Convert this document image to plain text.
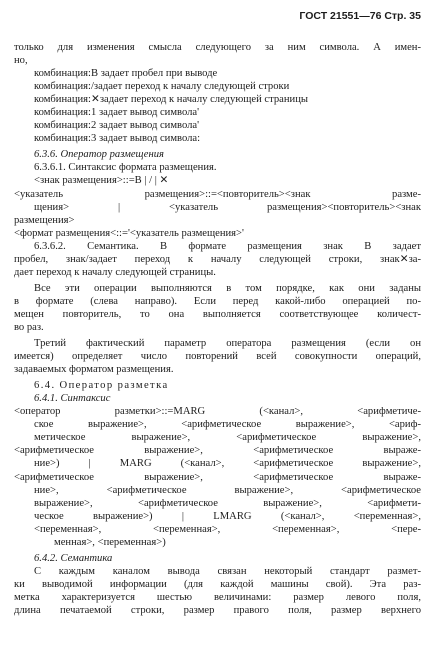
ГОСТ 21551—76 Стр. 35
только для изменения смысла следующего за ним символа. А имен-
но,
комбинация:B задает пробел при выводе
комбинация:/задает переход к началу следующей строки
комбинация:✕задает переход к началу следующей страницы
комбинация:1 задает вывод символа'
комбинация:2 задает вывод символа'
комбинация:3 задает вывод символа:
6.3.6. Оператор размещения
6.3.6.1. Синтаксис формата размещения.
<знак размещения>::=B | / | ✕
<указатель размещения>::=<повторитель><знак разме-
щения> | <указатель размещения><повторитель><знак
размещения>
<формат размещения<::='<указатель размещения>'
6.3.6.2. Семантика. В формате размещения знак B задает
пробел, знак/задает переход к началу следующей строки, знак✕за-
дает переход к началу следующей страницы.
Все эти операции выполняются в том порядке, как они заданы
в формате (слева направо). Если перед какой-либо операцией по-
мещен повторитель, то она выполняется соответствующее количест-
во раз.
Третий фактический параметр оператора размещения (если он
имеется) определяет число повторений всей совокупности операций,
задаваемых форматом размещения.
6.4. Оператор разметка
6.4.1. Синтаксис
<оператор разметки>::=MARG (<канал>, <арифметиче-
ское выражение>, <арифметическое выражение>, <ариф-
метическое выражение>, <арифметическое выражение>,
<арифметическое выражение>, <арифметическое выраже-
ние>) | MARG (<канал>, <арифметическое выражение>,
<арифметическое выражение>, <арифметическое выраже-
ние>, <арифметическое выражение>, <арифметическое
выражение>, <арифметическое выражение>, <арифмети-
ческое выражение>) | LMARG (<канал>, <переменная>,
<переменная>, <переменная>, <переменная>, <пере-
менная>, <переменная>)
6.4.2. Семантика
С каждым каналом вывода связан некоторый стандарт размет-
ки выводимой информации (для каждой машины свой). Эта раз-
метка характеризуется шестью величинами: размер левого поля,
длина печатаемой строки, размер правого поля, размер верхнего
